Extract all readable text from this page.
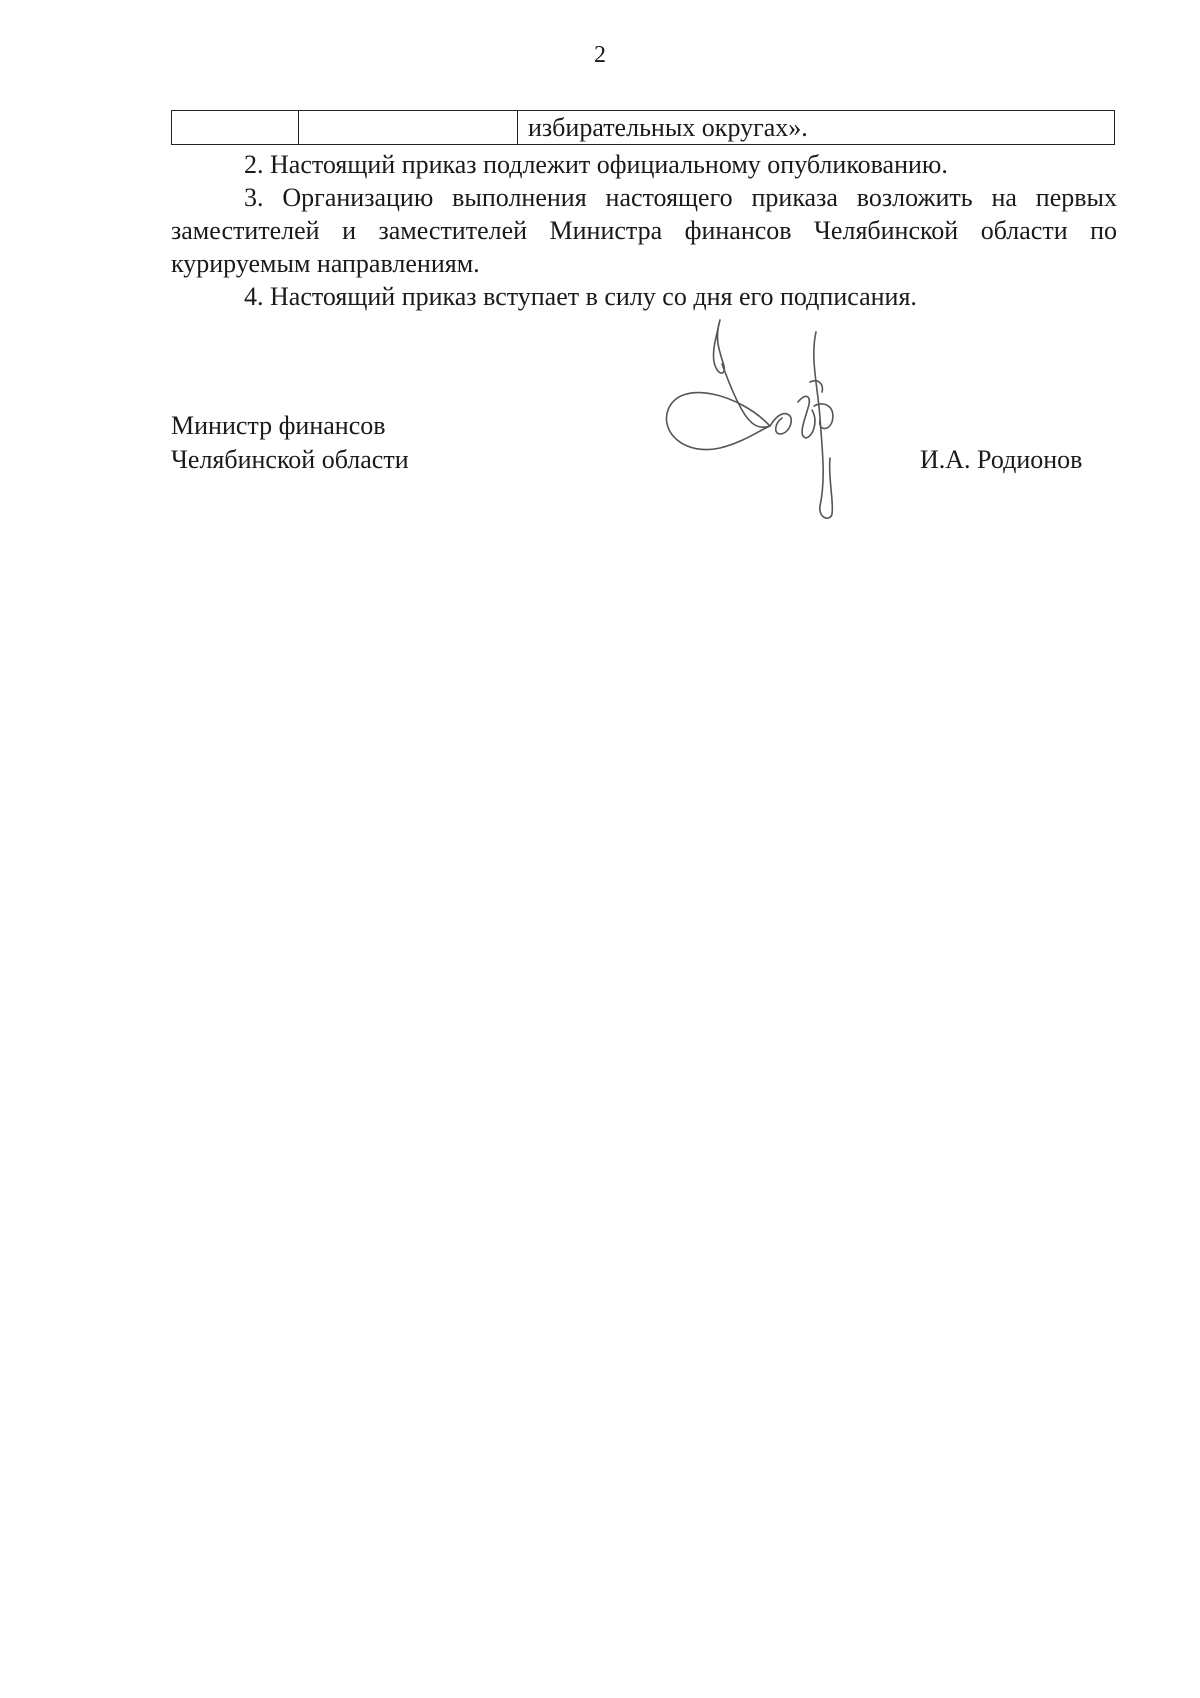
2
избирательных округах».

2. Настоящий приказ подлежит официальному опубликованию.

3. Организацию выполнения настоящего приказа возложить на первых заместителей и заместителей Министра финансов Челябинской области по курируемым направлениям.

4. Настоящий приказ вступает в силу со дня его подписания.

Министр финансов
Челябинской области	И.А. Родионов
